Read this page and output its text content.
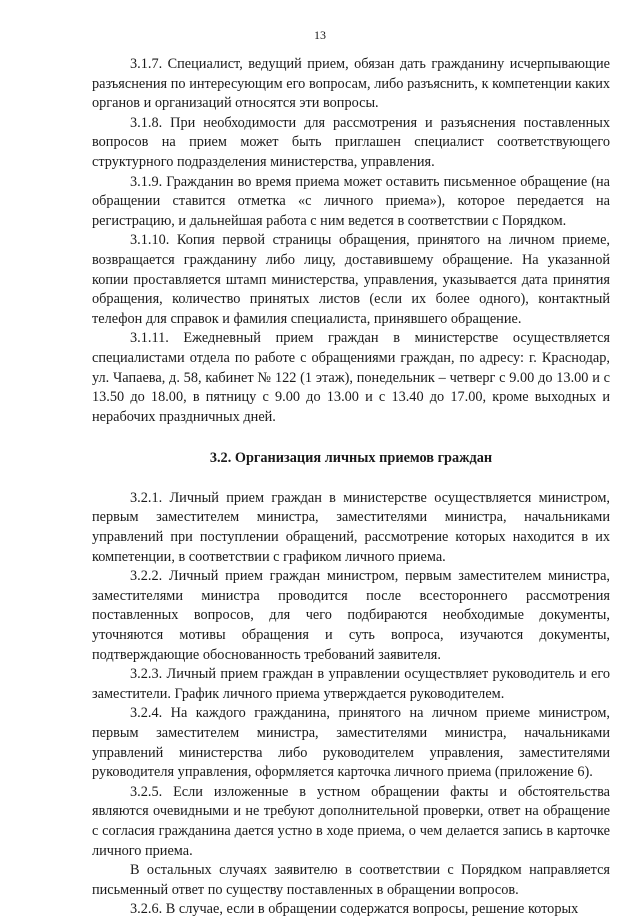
13

3.1.7. Специалист, ведущий прием, обязан дать гражданину исчерпывающие разъяснения по интересующим его вопросам, либо разъяснить, к компетенции каких органов и организаций относятся эти вопросы.

3.1.8. При необходимости для рассмотрения и разъяснения поставленных вопросов на прием может быть приглашен специалист соответствующего структурного подразделения министерства, управления.

3.1.9. Гражданин во время приема может оставить письменное обращение (на обращении ставится отметка «с личного приема»), которое передается на регистрацию, и дальнейшая работа с ним ведется в соответствии с Порядком.

3.1.10. Копия первой страницы обращения, принятого на личном приеме, возвращается гражданину либо лицу, доставившему обращение. На указанной копии проставляется штамп министерства, управления, указывается дата принятия обращения, количество принятых листов (если их более одного), контактный телефон для справок и фамилия специалиста, принявшего обращение.

3.1.11. Ежедневный прием граждан в министерстве осуществляется специалистами отдела по работе с обращениями граждан, по адресу: г. Краснодар, ул. Чапаева, д. 58, кабинет № 122 (1 этаж), понедельник – четверг с 9.00 до 13.00 и с 13.50 до 18.00, в пятницу с 9.00 до 13.00 и с 13.40 до 17.00, кроме выходных и нерабочих праздничных дней.

3.2. Организация личных приемов граждан

3.2.1. Личный прием граждан в министерстве осуществляется министром, первым заместителем министра, заместителями министра, начальниками управлений при поступлении обращений, рассмотрение которых находится в их компетенции, в соответствии с графиком личного приема.

3.2.2. Личный прием граждан министром, первым заместителем министра, заместителями министра проводится после всестороннего рассмотрения поставленных вопросов, для чего подбираются необходимые документы, уточняются мотивы обращения и суть вопроса, изучаются документы, подтверждающие обоснованность требований заявителя.

3.2.3. Личный прием граждан в управлении осуществляет руководитель и его заместители. График личного приема утверждается руководителем.

3.2.4. На каждого гражданина, принятого на личном приеме министром, первым заместителем министра, заместителями министра, начальниками управлений министерства либо руководителем управления, заместителями руководителя управления, оформляется карточка личного приема (приложение 6).

3.2.5. Если изложенные в устном обращении факты и обстоятельства являются очевидными и не требуют дополнительной проверки, ответ на обращение с согласия гражданина дается устно в ходе приема, о чем делается запись в карточке личного приема.

В остальных случаях заявителю в соответствии с Порядком направляется письменный ответ по существу поставленных в обращении вопросов.

3.2.6. В случае, если в обращении содержатся вопросы, решение которых
